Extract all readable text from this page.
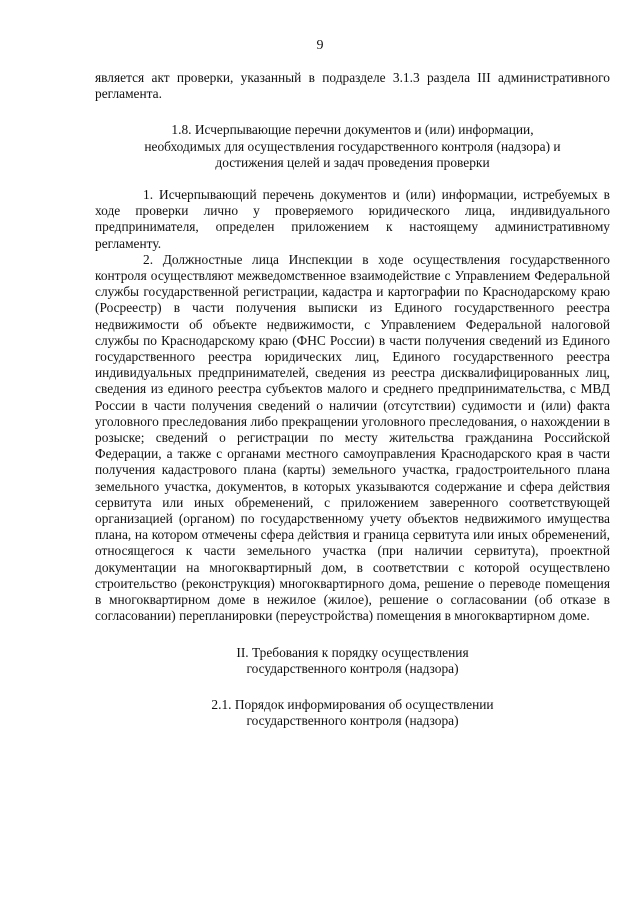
9

является акт проверки, указанный в подразделе 3.1.3 раздела III административного регламента.

1.8. Исчерпывающие перечни документов и (или) информации,
необходимых для осуществления государственного контроля (надзора) и
достижения целей и задач проведения проверки

1. Исчерпывающий перечень документов и (или) информации, истребуемых в ходе проверки лично у проверяемого юридического лица, индивидуального предпринимателя, определен приложением к настоящему административному регламенту.

2. Должностные лица Инспекции в ходе осуществления государственного контроля осуществляют межведомственное взаимодействие с Управлением Федеральной службы государственной регистрации, кадастра и картографии по Краснодарскому краю (Росреестр) в части получения выписки из Единого государственного реестра недвижимости об объекте недвижимости, с Управлением Федеральной налоговой службы по Краснодарскому краю (ФНС России) в части получения сведений из Единого государственного реестра юридических лиц, Единого государственного реестра индивидуальных предпринимателей, сведения из реестра дисквалифицированных лиц, сведения из единого реестра субъектов малого и среднего предпринимательства, с МВД России в части получения сведений о наличии (отсутствии) судимости и (или) факта уголовного преследования либо прекращении уголовного преследования, о нахождении в розыске; сведений о регистрации по месту жительства гражданина Российской Федерации, а также с органами местного самоуправления Краснодарского края в части получения кадастрового плана (карты) земельного участка, градостроительного плана земельного участка, документов, в которых указываются содержание и сфера действия сервитута или иных обременений, с приложением заверенного соответствующей организацией (органом) по государственному учету объектов недвижимого имущества плана, на котором отмечены сфера действия и граница сервитута или иных обременений, относящегося к части земельного участка (при наличии сервитута), проектной документации на многоквартирный дом, в соответствии с которой осуществлено строительство (реконструкция) многоквартирного дома, решение о переводе помещения в многоквартирном доме в нежилое (жилое), решение о согласовании (об отказе в согласовании) перепланировки (переустройства) помещения в многоквартирном доме.

II. Требования к порядку осуществления
государственного контроля (надзора)
2.1. Порядок информирования об осуществлении
государственного контроля (надзора)
